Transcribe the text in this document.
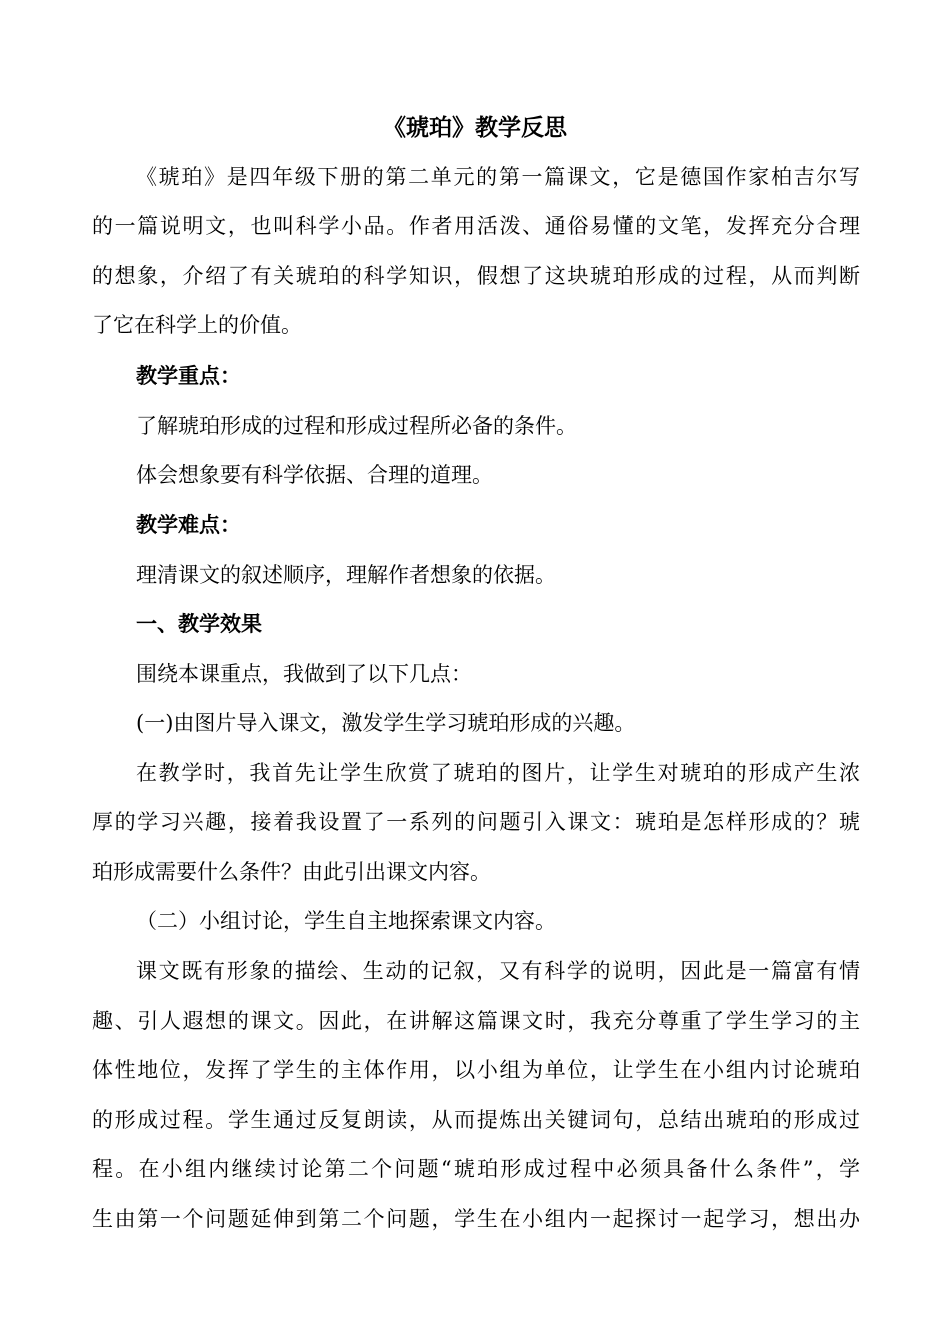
《琥珀》教学反思

《琥珀》是四年级下册的第二单元的第一篇课文，它是德国作家柏吉尔写

的一篇说明文，也叫科学小品。作者用活泼、通俗易懂的文笔，发挥充分合理

的想象，介绍了有关琥珀的科学知识，假想了这块琥珀形成的过程，从而判断

了它在科学上的价值。

教学重点：

了解琥珀形成的过程和形成过程所必备的条件。

体会想象要有科学依据、合理的道理。

教学难点：

理清课文的叙述顺序，理解作者想象的依据。

一、教学效果

围绕本课重点，我做到了以下几点：

(一)由图片导入课文，激发学生学习琥珀形成的兴趣。

在教学时，我首先让学生欣赏了琥珀的图片，让学生对琥珀的形成产生浓

厚的学习兴趣，接着我设置了一系列的问题引入课文：琥珀是怎样形成的？琥

珀形成需要什么条件？由此引出课文内容。

（二）小组讨论，学生自主地探索课文内容。

课文既有形象的描绘、生动的记叙，又有科学的说明，因此是一篇富有情

趣、引人遐想的课文。因此，在讲解这篇课文时，我充分尊重了学生学习的主

体性地位，发挥了学生的主体作用，以小组为单位，让学生在小组内讨论琥珀

的形成过程。学生通过反复朗读，从而提炼出关键词句，总结出琥珀的形成过

程。在小组内继续讨论第二个问题“琥珀形成过程中必须具备什么条件”，学

生由第一个问题延伸到第二个问题，学生在小组内一起探讨一起学习，想出办
